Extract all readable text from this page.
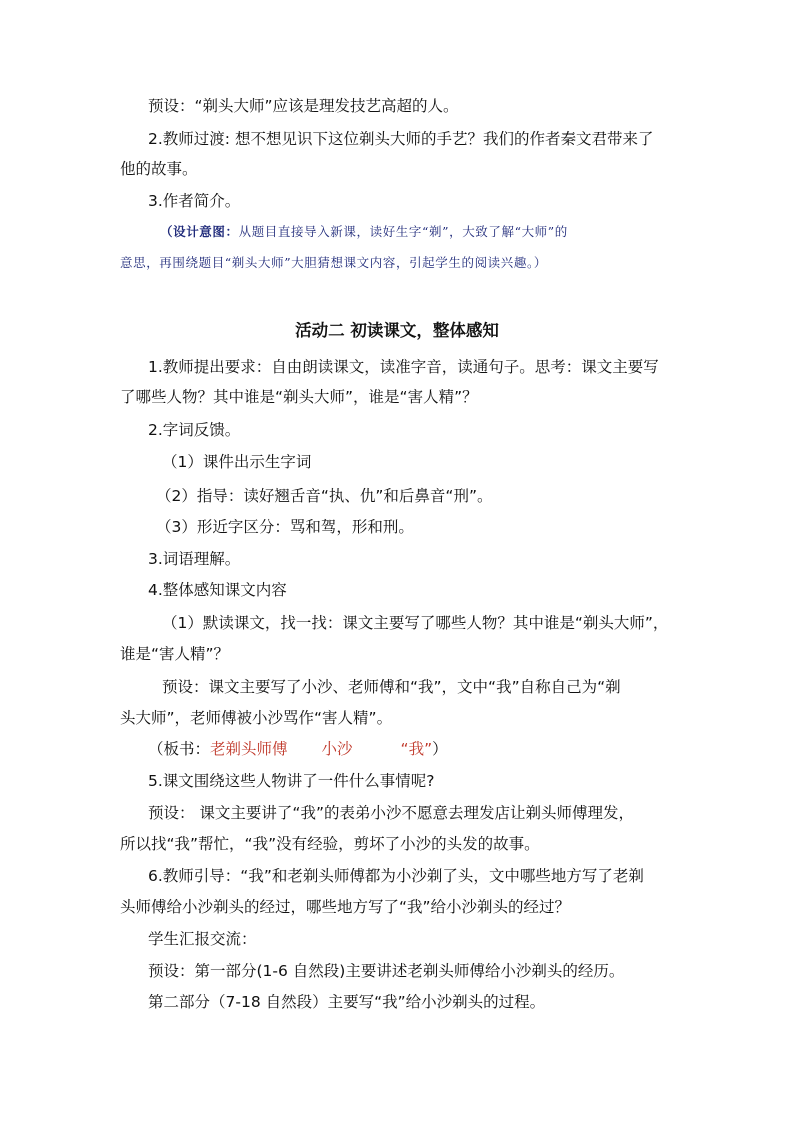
预设：“剃头大师”应该是理发技艺高超的人。
2.教师过渡: 想不想见识下这位剃头大师的手艺？我们的作者秦文君带来了
他的故事。
3.作者简介。
（设计意图：从题目直接导入新课，读好生字“剃”，大致了解“大师”的
意思，再围绕题目“剃头大师”大胆猜想课文内容，引起学生的阅读兴趣。）
活动二 初读课文，整体感知
1.教师提出要求：自由朗读课文，读准字音，读通句子。思考：课文主要写
了哪些人物？其中谁是“剃头大师”，谁是“害人精”？
2.字词反馈。
（1）课件出示生字词
（2）指导：读好翘舌音“执、仇”和后鼻音“刑”。
（3）形近字区分：骂和驾，形和刑。
3.词语理解。
4.整体感知课文内容
（1）默读课文，找一找：课文主要写了哪些人物？其中谁是“剃头大师”，
谁是“害人精”？
预设：课文主要写了小沙、老师傅和“我”，文中“我”自称自己为“剃
头大师”，老师傅被小沙骂作“害人精”。
（板书：老剃头师傅 小沙	“我”）
5.课文围绕这些人物讲了一件什么事情呢?
预设： 课文主要讲了“我”的表弟小沙不愿意去理发店让剃头师傅理发，
所以找“我”帮忙，“我”没有经验，剪坏了小沙的头发的故事。
6.教师引导：“我”和老剃头师傅都为小沙剃了头，文中哪些地方写了老剃
头师傅给小沙剃头的经过，哪些地方写了“我”给小沙剃头的经过？
学生汇报交流：
预设：第一部分(1-6 自然段)主要讲述老剃头师傅给小沙剃头的经历。
第二部分（7-18 自然段）主要写“我”给小沙剃头的过程。
